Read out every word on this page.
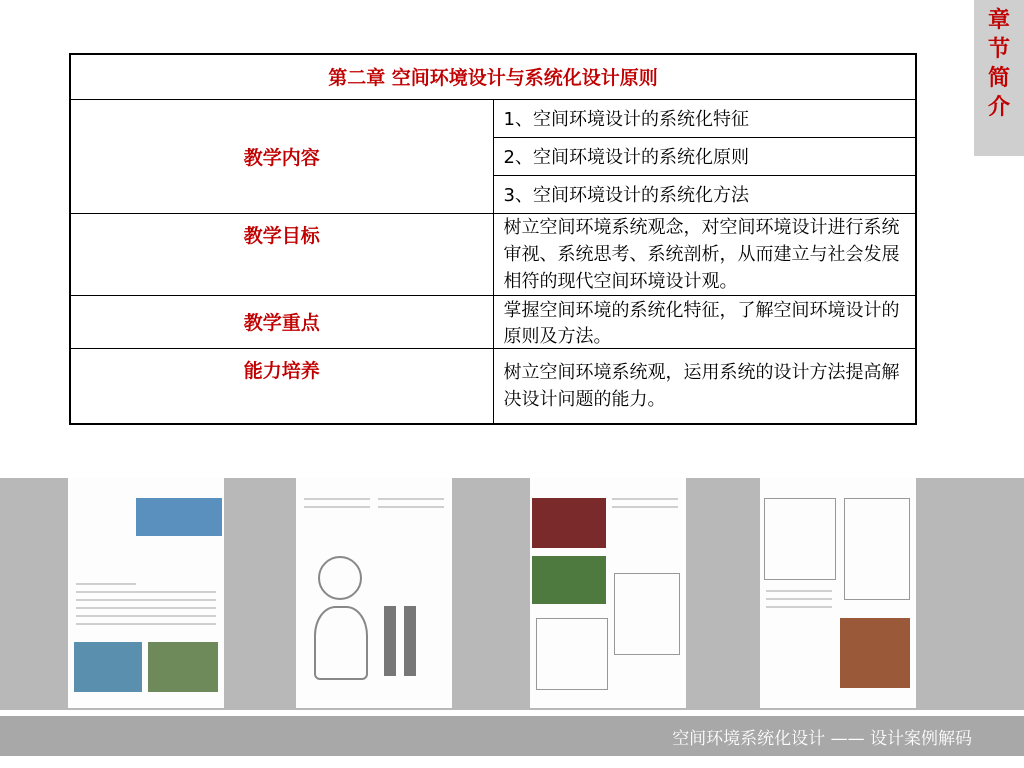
章
节
简
介
第二章 空间环境设计与系统化设计原则	
教学内容	1、空间环境设计的系统化特征
	2、空间环境设计的系统化原则
	3、空间环境设计的系统化方法
教学目标	树立空间环境系统观念，对空间环境设计进行系统审视、系统思考、系统剖析，从而建立与社会发展相符的现代空间环境设计观。
教学重点	掌握空间环境的系统化特征，了解空间环境设计的原则及方法。
能力培养	树立空间环境系统观，运用系统的设计方法提高解决设计问题的能力。
空间环境系统化设计 —— 设计案例解码
